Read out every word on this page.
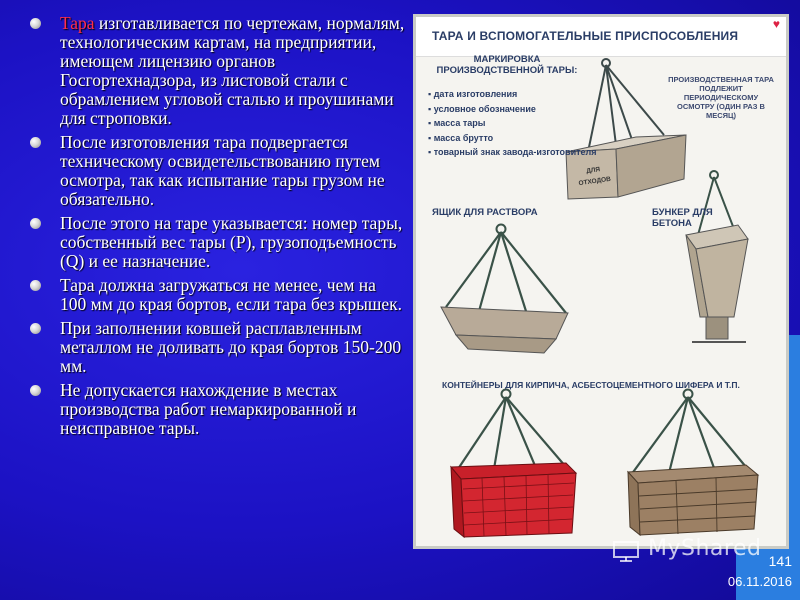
Тара изготавливается по чертежам, нормалям, технологическим картам, на предприятии, имеющем лицензию органов Госгортехнадзора, из листовой стали с обрамлением угловой сталью и проушинами для строповки.
После изготовления тара подвергается техническому освидетельствованию путем осмотра, так как испытание тары грузом не обязательно.
После этого на таре указывается: номер тары, собственный вес тары (Р), грузоподъемность (Q) и ее назначение.
Тара должна загружаться не менее, чем на 100 мм до края бортов, если тара без крышек.
При заполнении ковшей расплавленным металлом не доливать до края бортов 150-200 мм.
Не допускается нахождение в местах производства работ немаркированной и неисправное тары.
ТАРА И ВСПОМОГАТЕЛЬНЫЕ ПРИСПОСОБЛЕНИЯ
♥
МАРКИРОВКА ПРОИЗВОДСТВЕННОЙ ТАРЫ:
▪ дата изготовления
▪ условное обозначение
▪ масса тары
▪ масса брутто
▪ товарный знак завода-изготовителя
ПРОИЗВОДСТВЕННАЯ ТАРА ПОДЛЕЖИТ ПЕРИОДИЧЕСКОМУ ОСМОТРУ (ОДИН РАЗ В МЕСЯЦ)
ДЛЯ ОТХОДОВ
ЯЩИК ДЛЯ РАСТВОРА	БУНКЕР ДЛЯ БЕТОНА
КОНТЕЙНЕРЫ ДЛЯ КИРПИЧА, АСБЕСТОЦЕМЕНТНОГО ШИФЕРА И Т.П.
MyShared 141
06.11.2016
